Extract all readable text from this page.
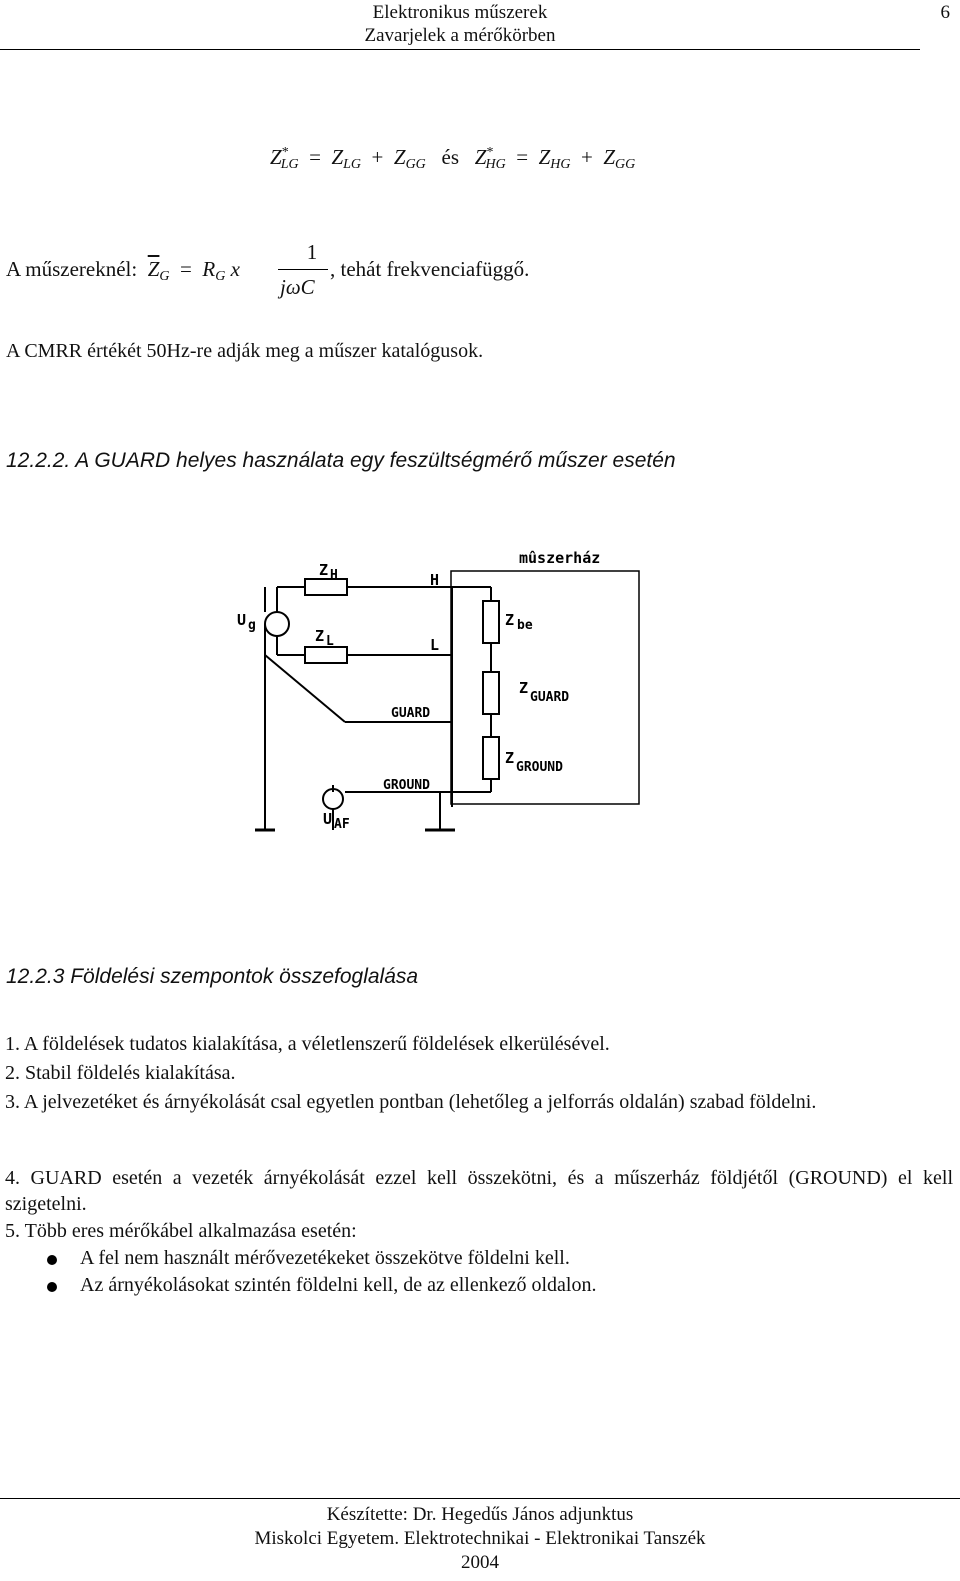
Elektronikus műszerek
Zavarjelek a mérőkörben
6
$Z^*_{LG} = Z_{LG} + Z_{GG}$ és $Z^*_{HG} = Z_{HG} + Z_{GG}$
A műszereknél: $\overline{Z}_G = R_G$ x
1
jωC
, tehát frekvenciafüggő.
A CMRR értékét 50Hz-re adják meg a műszer katalógusok.
12.2.2. A GUARD helyes használata egy feszültségmérő műszer esetén
mûszerház
U g
Z H
Z L
H
L
Z be
Z
GUARD
Z
GROUND
GUARD
GROUND
U AF
12.2.3 Földelési szempontok összefoglalása
1. A földelések tudatos kialakítása, a véletlenszerű földelések elkerülésével.
2. Stabil földelés kialakítása.
3. A jelvezetéket és árnyékolását csal egyetlen pontban (lehetőleg a jelforrás oldalán) szabad földelni.
4. GUARD esetén a vezeték árnyékolását ezzel kell összekötni, és a műszerház földjétől (GROUND) el kell szigetelni.
5. Több eres mérőkábel alkalmazása esetén:
A fel nem használt mérővezetékeket összekötve földelni kell.
Az árnyékolásokat szintén földelni kell, de az ellenkező oldalon.
Készítette: Dr. Hegedűs János adjunktus
Miskolci Egyetem. Elektrotechnikai - Elektronikai Tanszék
2004
